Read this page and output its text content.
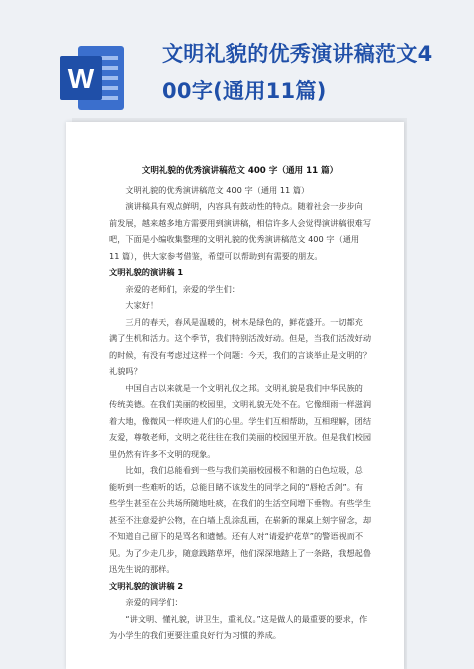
W
文明礼貌的优秀演讲稿范文4
00字(通用11篇)

文明礼貌的优秀演讲稿范文 400 字（通用 11 篇）

文明礼貌的优秀演讲稿范文 400 字（通用 11 篇）

演讲稿具有观点鲜明，内容具有鼓动性的特点。随着社会一步步向前发展，越来越多地方需要用到演讲稿，相信许多人会觉得演讲稿很难写吧，下面是小编收集整理的文明礼貌的优秀演讲稿范文 400 字（通用 11 篇），供大家参考借鉴，希望可以帮助到有需要的朋友。

文明礼貌的演讲稿 1

亲爱的老师们，亲爱的学生们：

大家好！

三月的春天，春风是温暖的，树木是绿色的，鲜花盛开。一切都充满了生机和活力。这个季节，我们特别活泼好动。但是，当我们活泼好动的时候，有没有考虑过这样一个问题：今天，我们的言谈举止是文明的？礼貌吗？

中国自古以来就是一个文明礼仪之邦。文明礼貌是我们中华民族的传统美德。在我们美丽的校园里，文明礼貌无处不在。它像细雨一样滋润着大地，像微风一样吹进人们的心里。学生们互相帮助，互相理解，团结友爱，尊敬老师，文明之花往往在我们美丽的校园里开放。但是我们校园里仍然有许多不文明的现象。

比如，我们总能看到一些与我们美丽校园极不和谐的白色垃圾，总能听到一些难听的话，总能目睹不该发生的同学之间的“唇枪舌剑”。有些学生甚至在公共场所随地吐痰，在我们的生活空间增下垂物。有些学生甚至不注意爱护公物，在白墙上乱涂乱画，在崭新的课桌上刻字留念，却不知道自己留下的是骂名和遗憾。还有人对“请爱护花草”的警语视而不见。为了少走几步，随意践踏草坪，他们深深地踏上了一条路，我想起鲁迅先生说的那样。

文明礼貌的演讲稿 2

亲爱的同学们：

“讲文明、懂礼貌，讲卫生，重礼仪。”这是做人的最重要的要求，作为小学生的我们更要注重良好行为习惯的养成。
